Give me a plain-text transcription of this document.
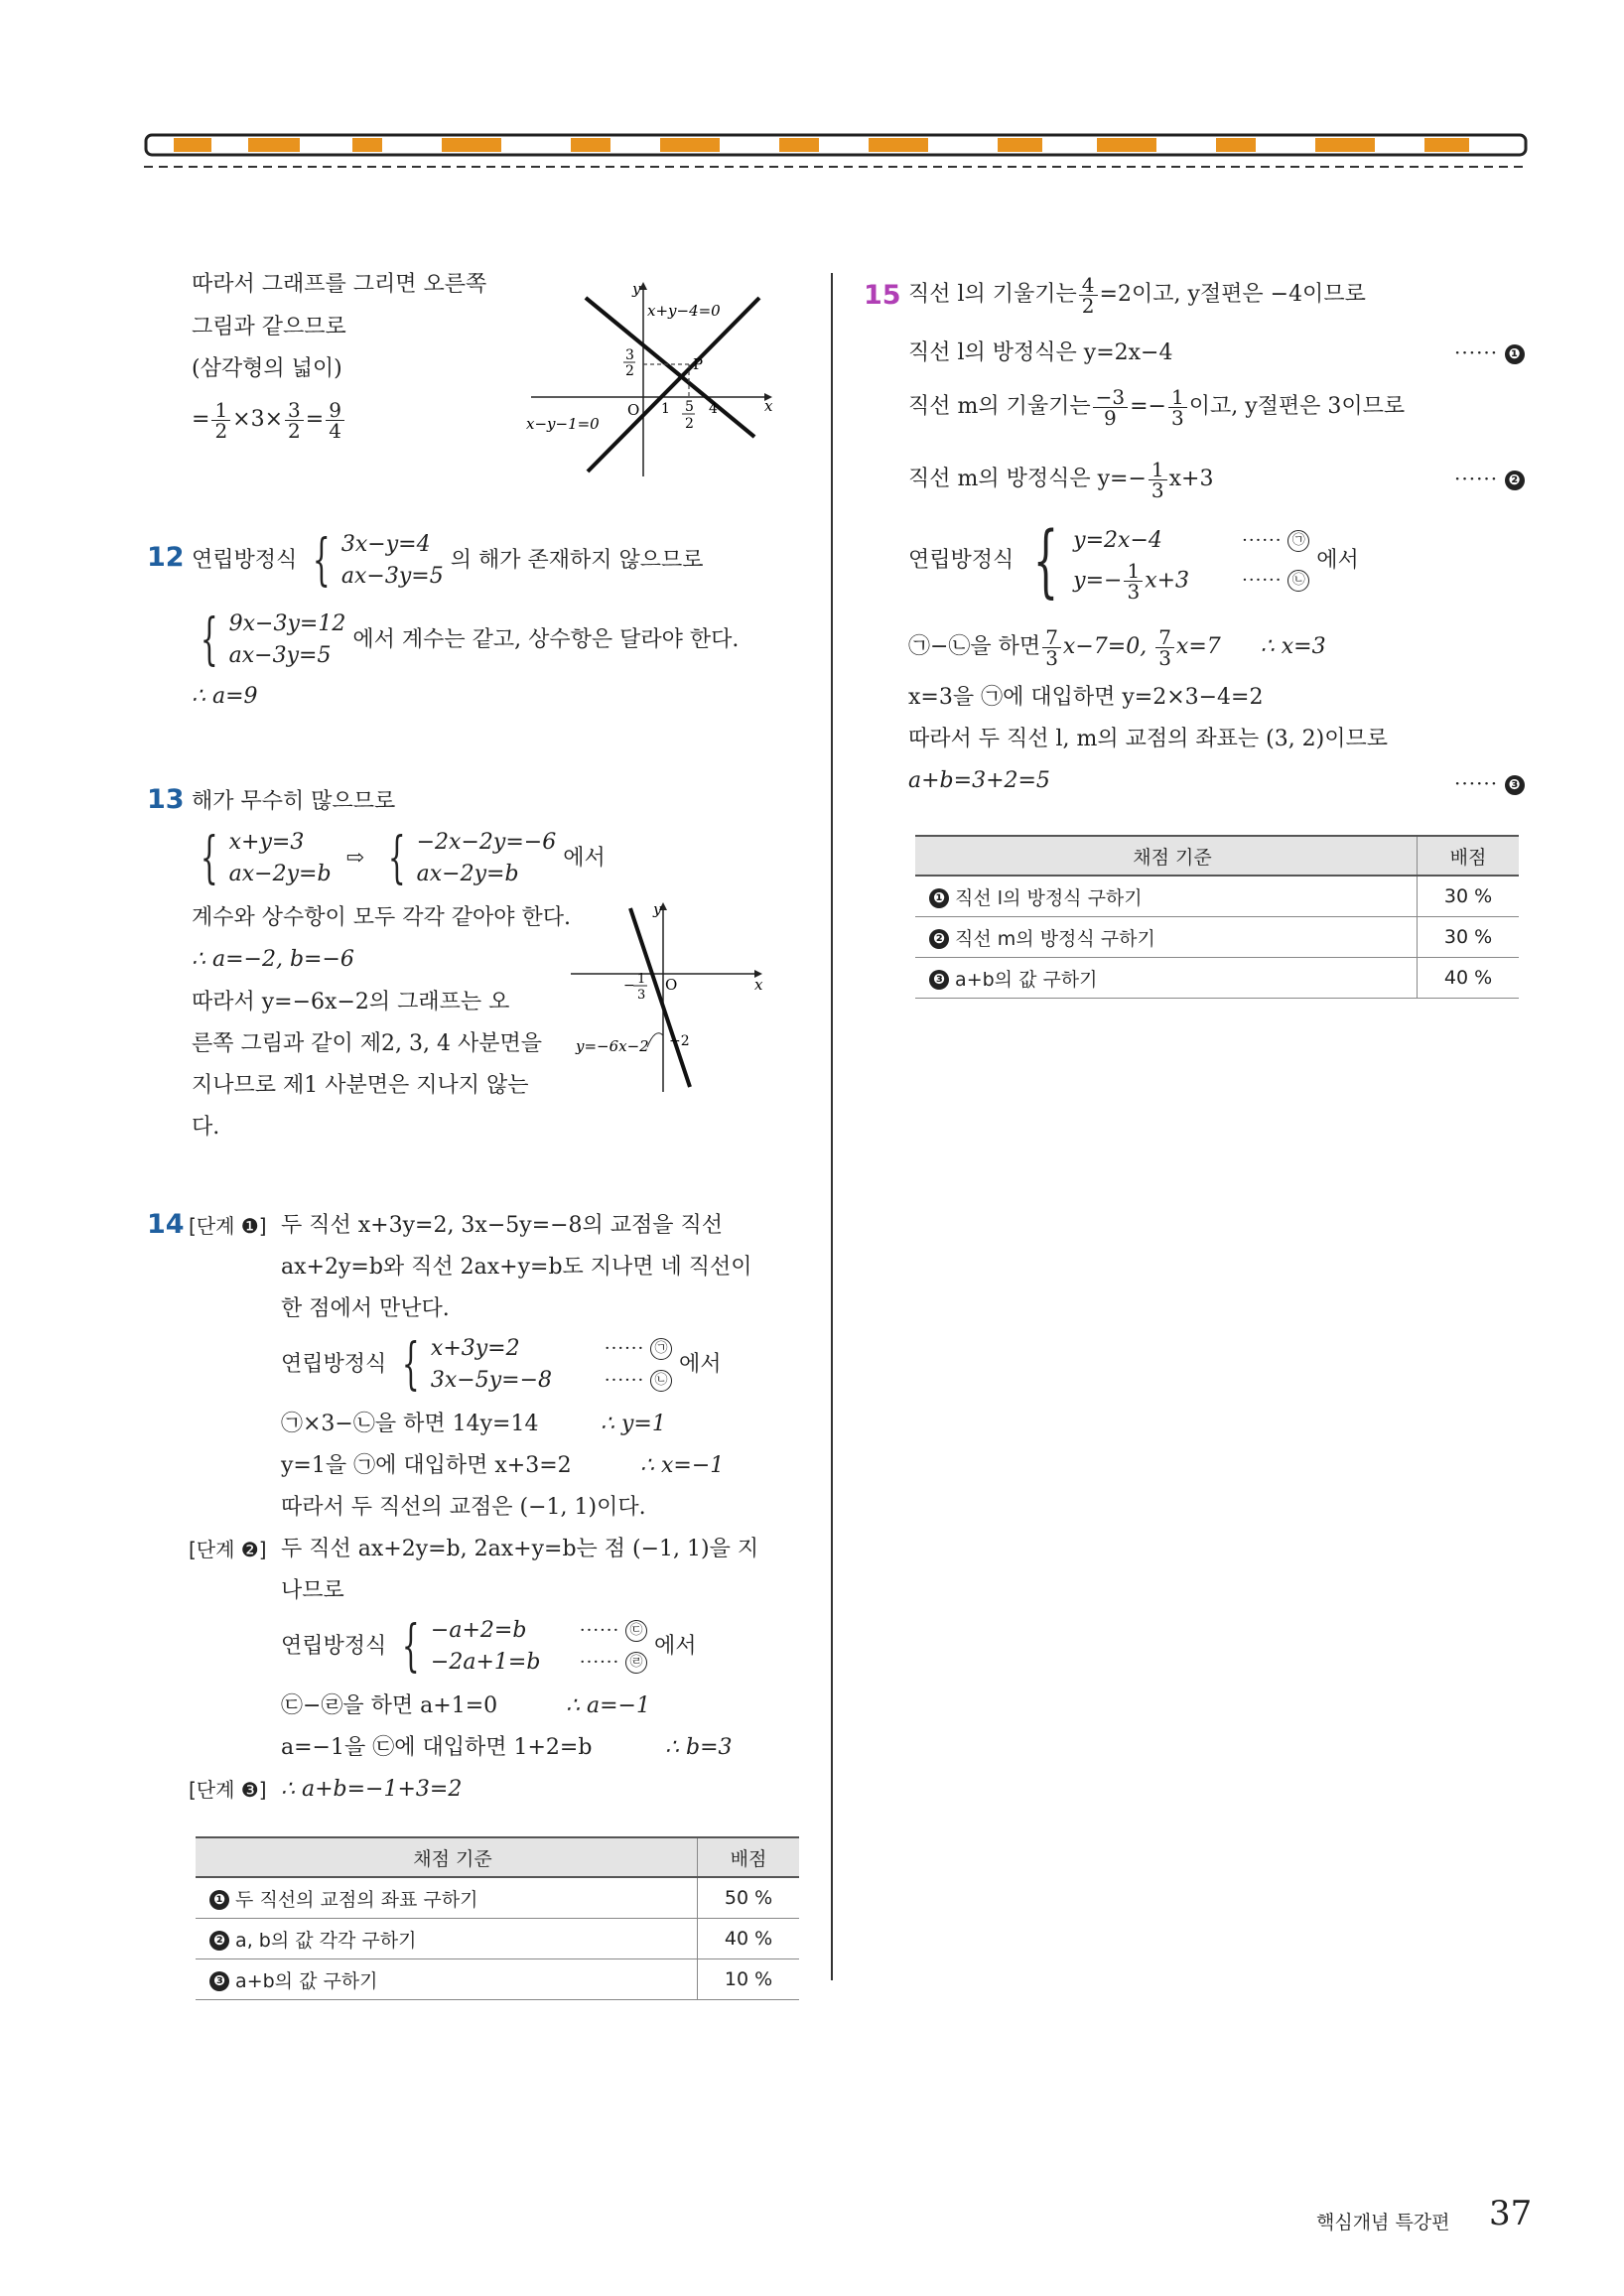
따라서 그래프를 그리면 오른쪽
그림과 같으므로
(삼각형의 넓이)
= $\frac{1}{2} \times 3\times \frac{3}{2} = \frac{9}{4}$
y
x
O
x+y−4=0
x−y−1=0
P
3
2
1 5
2
4
12 연립방정식 { 3x−y=4
ax−3y=5 의 해가 존재하지 않으므로
{ 9x−3y=12
ax−3y=5 에서 계수는 같고, 상수항은 달라야 한다.
∴ a=9
13 해가 무수히 많으므로
{ x+y=3
ax−2y=b ⇨ { −2x−2y=−6
ax−2y=b 에서
계수와 상수항이 모두 각각 같아야 한다.
∴ a=−2, b=−6
따라서 y=−6x−2의 그래프는 오
른쪽 그림과 같이 제2, 3, 4 사분면을
지나므로 제1 사분면은 지나지 않는
다.
y
x
O
− 1
3
−2
y=−6x−2
14 [단계 ❶] 두 직선 x+3y=2, 3x−5y=−8의 교점을 직선
ax+2y=b와 직선 2ax+y=b도 지나면 네 직선이
한 점에서 만난다.
연립방정식 { x+3y=2
3x−5y=−8······ ㉠
······ ㉡ 에서
㉠×3−㉡을 하면 14y=14	∴ y=1
y=1을 ㉠에 대입하면 x+3=2	∴ x=−1
따라서 두 직선의 교점은 (−1, 1)이다.
[단계 ❷] 두 직선 ax+2y=b, 2ax+y=b는 점 (−1, 1)을 지
나므로
연립방정식 { −a+2=b
−2a+1=b······ ㉢
······ ㉣ 에서
㉢−㉣을 하면 a+1=0	∴ a=−1
a=−1을 ㉢에 대입하면 1+2=b	∴ b=3
[단계 ❸] ∴ a+b=−1+3=2
채점 기준	배점
❶ 두 직선의 교점의 좌표 구하기	50 %
❷ a, b의 값 각각 구하기	40 %
❸ a+b의 값 구하기	10 %
15 직선 l의 기울기는 $\frac{4}{2} =2$이고, y절편은 −4이므로
직선 l의 방정식은 y=2x−4	······ ❶
직선 m의 기울기는 $\frac{-3}{9} =- \frac{1}{3}$ 이고, y절편은 3이므로
직선 m의 방정식은 $y=- \frac{1}{3} x+3$	······ ❷
연립방정식 { y=2x−4
$y=- \frac{1}{3} x+3\cdot\cdot\cdot\cdot\cdot\cdot$ ㉠
······ ㉡ 에서
㉠−㉡을 하면 $\frac{7}{3} x-7=0$, $\frac{7}{3} x=7$ ∴ x=3
x=3을 ㉠에 대입하면 y=2×3−4=2
따라서 두 직선 l, m의 교점의 좌표는 (3, 2)이므로
a+b=3+2=5	······ ❸
채점 기준	배점
❶ 직선 l의 방정식 구하기	30 %
❷ 직선 m의 방정식 구하기	30 %
❸ a+b의 값 구하기	40 %
핵심개념 특강편 37
